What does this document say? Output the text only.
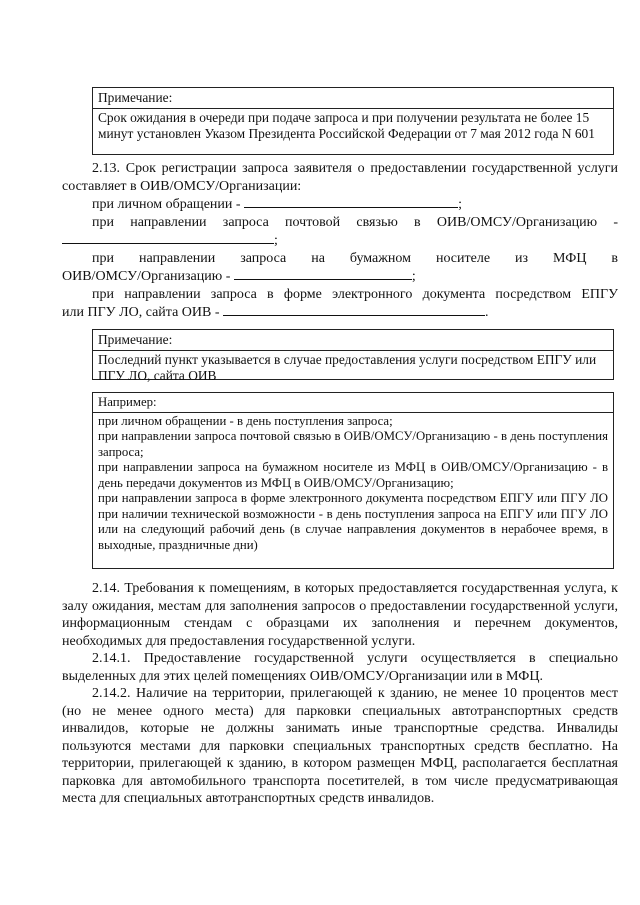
Примечание:
Срок ожидания в очереди при подаче запроса и при получении результата не более 15 минут установлен Указом Президента Российской Федерации от 7 мая 2012 года N 601
2.13. Срок регистрации запроса заявителя о предоставлении государственной услуги составляет в ОИВ/ОМСУ/Организации:
при личном обращении -	;
при направлении запроса почтовой связью в ОИВ/ОМСУ/Организацию -
;
при направлении запроса на бумажном носителе из МФЦ в
ОИВ/ОМСУ/Организацию -	;
при направлении запроса в форме электронного документа посредством ЕПГУ
или ПГУ ЛО, сайта ОИВ -	.
Примечание:
Последний пункт указывается в случае предоставления услуги посредством ЕПГУ или ПГУ ЛО, сайта ОИВ
Например:
при личном обращении - в день поступления запроса;
при направлении запроса почтовой связью в ОИВ/ОМСУ/Организацию - в день поступления запроса;
при направлении запроса на бумажном носителе из МФЦ в ОИВ/ОМСУ/Организацию - в день передачи документов из МФЦ в ОИВ/ОМСУ/Организацию;
при направлении запроса в форме электронного документа посредством ЕПГУ или ПГУ ЛО при наличии технической возможности - в день поступления запроса на ЕПГУ или ПГУ ЛО или на следующий рабочий день (в случае направления документов в нерабочее время, в выходные, праздничные дни)
2.14. Требования к помещениям, в которых предоставляется государственная услуга, к залу ожидания, местам для заполнения запросов о предоставлении государственной услуги, информационным стендам с образцами их заполнения и перечнем документов, необходимых для предоставления государственной услуги.
2.14.1. Предоставление государственной услуги осуществляется в специально выделенных для этих целей помещениях ОИВ/ОМСУ/Организации или в МФЦ.
2.14.2. Наличие на территории, прилегающей к зданию, не менее 10 процентов мест (но не менее одного места) для парковки специальных автотранспортных средств инвалидов, которые не должны занимать иные транспортные средства. Инвалиды пользуются местами для парковки специальных транспортных средств бесплатно. На территории, прилегающей к зданию, в котором размещен МФЦ, располагается бесплатная парковка для автомобильного транспорта посетителей, в том числе предусматривающая места для специальных автотранспортных средств инвалидов.
